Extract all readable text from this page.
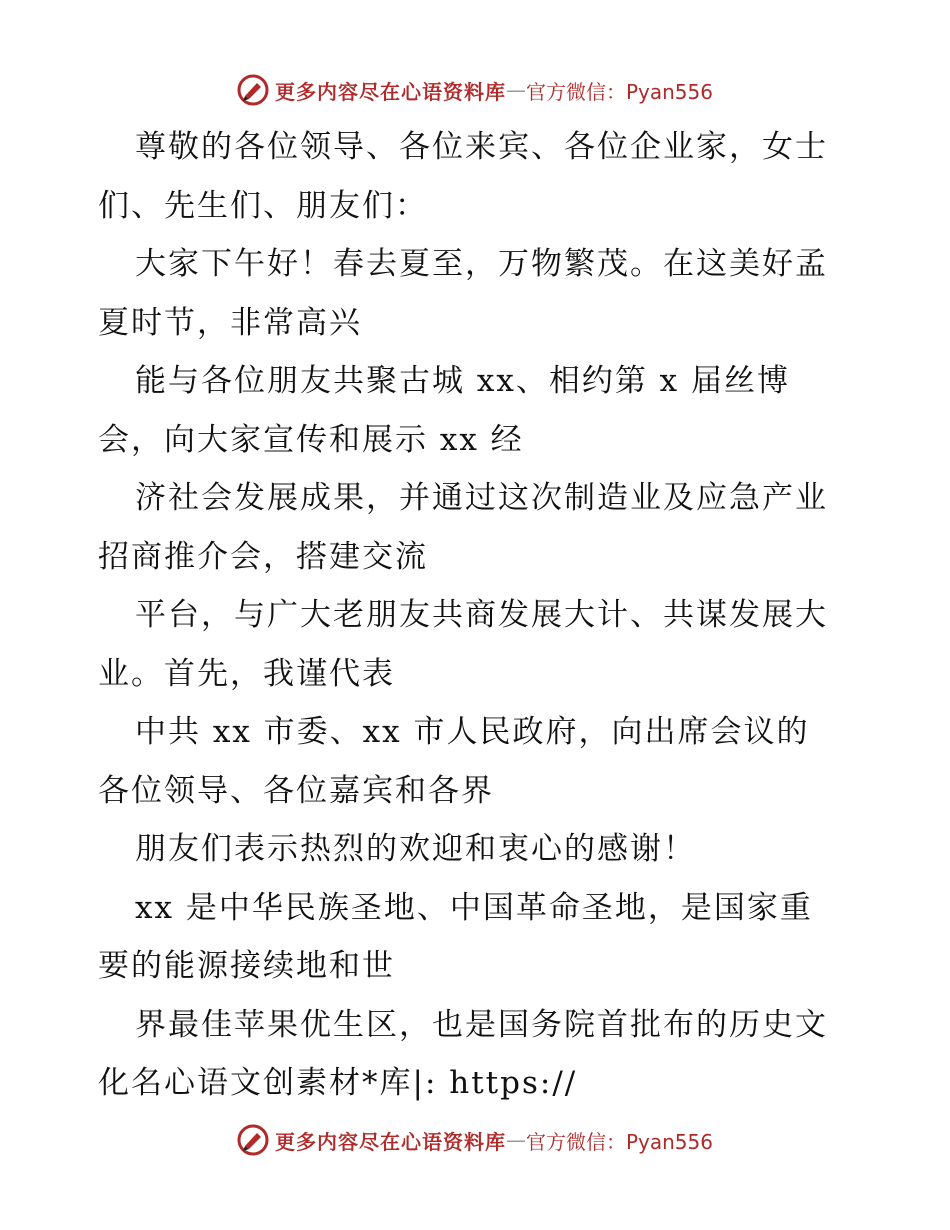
更多内容尽在心语资料库 — 官方微信：Pyan556
尊敬的各位领导、各位来宾、各位企业家，女士
们、先生们、朋友们：
大家下午好！春去夏至，万物繁茂。在这美好孟
夏时节，非常高兴
能与各位朋友共聚古城 xx、相约第 x 届丝博
会，向大家宣传和展示 xx 经
济社会发展成果，并通过这次制造业及应急产业
招商推介会，搭建交流
平台，与广大老朋友共商发展大计、共谋发展大
业。首先，我谨代表
中共 xx 市委、xx 市人民政府，向出席会议的
各位领导、各位嘉宾和各界
朋友们表示热烈的欢迎和衷心的感谢！
xx 是中华民族圣地、中国革命圣地，是国家重
要的能源接续地和世
界最佳苹果优生区，也是国务院首批布的历史文
化名心语文创素材*库|: https://
更多内容尽在心语资料库 — 官方微信：Pyan556
